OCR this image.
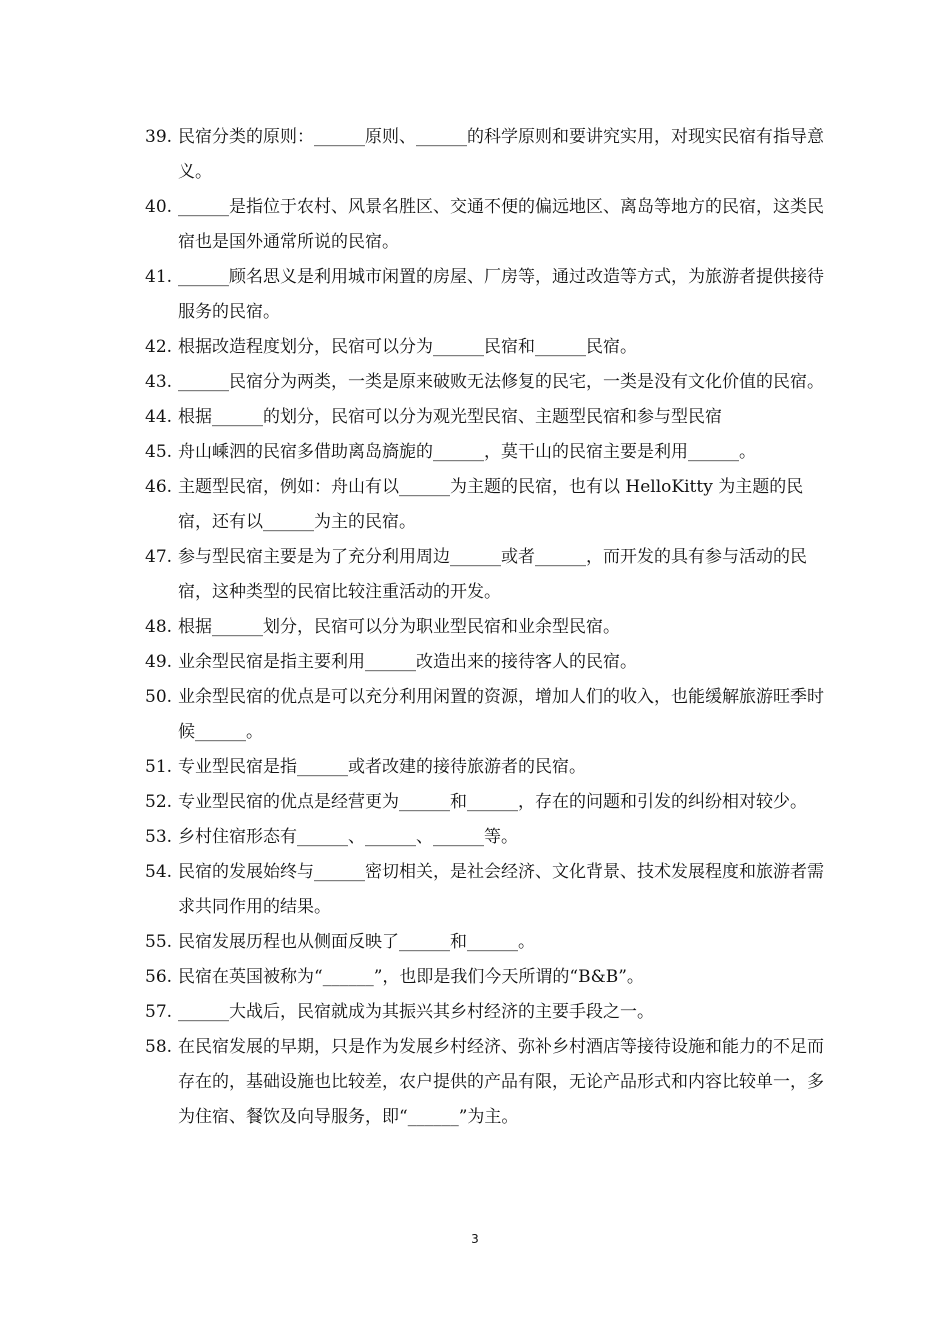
39. 民宿分类的原则：______原则、______的科学原则和要讲究实用，对现实民宿有指导意义。
40. ______是指位于农村、风景名胜区、交通不便的偏远地区、离岛等地方的民宿，这类民宿也是国外通常所说的民宿。
41. ______顾名思义是利用城市闲置的房屋、厂房等，通过改造等方式，为旅游者提供接待服务的民宿。
42. 根据改造程度划分，民宿可以分为______民宿和______民宿。
43. ______民宿分为两类，一类是原来破败无法修复的民宅，一类是没有文化价值的民宿。
44. 根据______的划分，民宿可以分为观光型民宿、主题型民宿和参与型民宿
45. 舟山嵊泗的民宿多借助离岛旖旎的______，莫干山的民宿主要是利用______。
46. 主题型民宿，例如：舟山有以______为主题的民宿，也有以 HelloKitty 为主题的民宿，还有以______为主的民宿。
47. 参与型民宿主要是为了充分利用周边______或者______，而开发的具有参与活动的民宿，这种类型的民宿比较注重活动的开发。
48. 根据______划分，民宿可以分为职业型民宿和业余型民宿。
49. 业余型民宿是指主要利用______改造出来的接待客人的民宿。
50. 业余型民宿的优点是可以充分利用闲置的资源，增加人们的收入，也能缓解旅游旺季时候______。
51. 专业型民宿是指______或者改建的接待旅游者的民宿。
52. 专业型民宿的优点是经营更为______和______，存在的问题和引发的纠纷相对较少。
53. 乡村住宿形态有______、______、______等。
54. 民宿的发展始终与______密切相关，是社会经济、文化背景、技术发展程度和旅游者需求共同作用的结果。
55. 民宿发展历程也从侧面反映了______和______。
56. 民宿在英国被称为“______”，也即是我们今天所谓的“B&B”。
57. ______大战后，民宿就成为其振兴其乡村经济的主要手段之一。
58. 在民宿发展的早期，只是作为发展乡村经济、弥补乡村酒店等接待设施和能力的不足而存在的，基础设施也比较差，农户提供的产品有限，无论产品形式和内容比较单一，多为住宿、餐饮及向导服务，即“______”为主。
3
